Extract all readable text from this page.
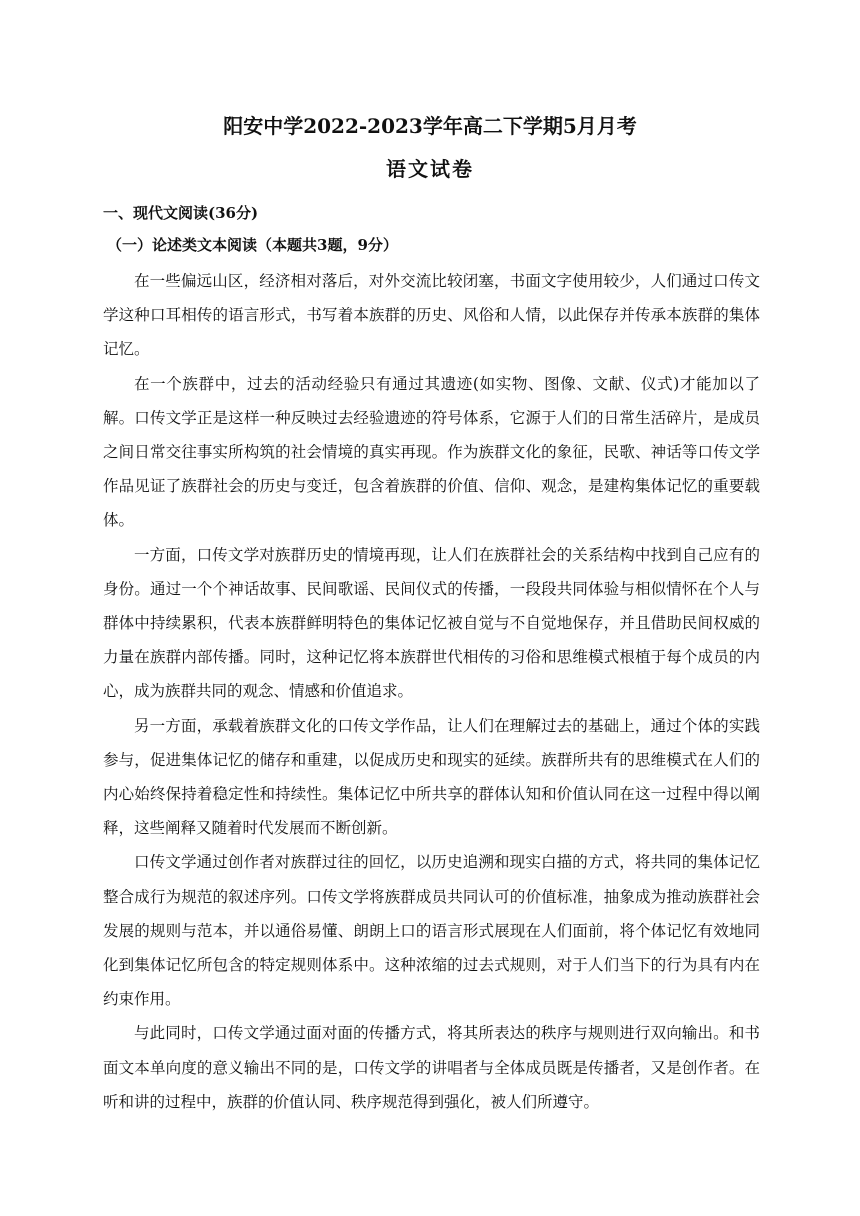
阳安中学2022-2023学年高二下学期5月月考
语文试卷
一、现代文阅读(36分)
（一）论述类文本阅读（本题共3题，9分）

在一些偏远山区，经济相对落后，对外交流比较闭塞，书面文字使用较少，人们通过口传文学这种口耳相传的语言形式，书写着本族群的历史、风俗和人情，以此保存并传承本族群的集体记忆。

在一个族群中，过去的活动经验只有通过其遗迹(如实物、图像、文献、仪式)才能加以了解。口传文学正是这样一种反映过去经验遗迹的符号体系，它源于人们的日常生活碎片，是成员之间日常交往事实所构筑的社会情境的真实再现。作为族群文化的象征，民歌、神话等口传文学作品见证了族群社会的历史与变迁，包含着族群的价值、信仰、观念，是建构集体记忆的重要载体。

一方面，口传文学对族群历史的情境再现，让人们在族群社会的关系结构中找到自己应有的身份。通过一个个神话故事、民间歌谣、民间仪式的传播，一段段共同体验与相似情怀在个人与群体中持续累积，代表本族群鲜明特色的集体记忆被自觉与不自觉地保存，并且借助民间权威的力量在族群内部传播。同时，这种记忆将本族群世代相传的习俗和思维模式根植于每个成员的内心，成为族群共同的观念、情感和价值追求。

另一方面，承载着族群文化的口传文学作品，让人们在理解过去的基础上，通过个体的实践参与，促进集体记忆的储存和重建，以促成历史和现实的延续。族群所共有的思维模式在人们的内心始终保持着稳定性和持续性。集体记忆中所共享的群体认知和价值认同在这一过程中得以阐释，这些阐释又随着时代发展而不断创新。

口传文学通过创作者对族群过往的回忆，以历史追溯和现实白描的方式，将共同的集体记忆整合成行为规范的叙述序列。口传文学将族群成员共同认可的价值标准，抽象成为推动族群社会发展的规则与范本，并以通俗易懂、朗朗上口的语言形式展现在人们面前，将个体记忆有效地同化到集体记忆所包含的特定规则体系中。这种浓缩的过去式规则，对于人们当下的行为具有内在约束作用。

与此同时，口传文学通过面对面的传播方式，将其所表达的秩序与规则进行双向输出。和书面文本单向度的意义输出不同的是，口传文学的讲唱者与全体成员既是传播者，又是创作者。在听和讲的过程中，族群的价值认同、秩序规范得到强化，被人们所遵守。
